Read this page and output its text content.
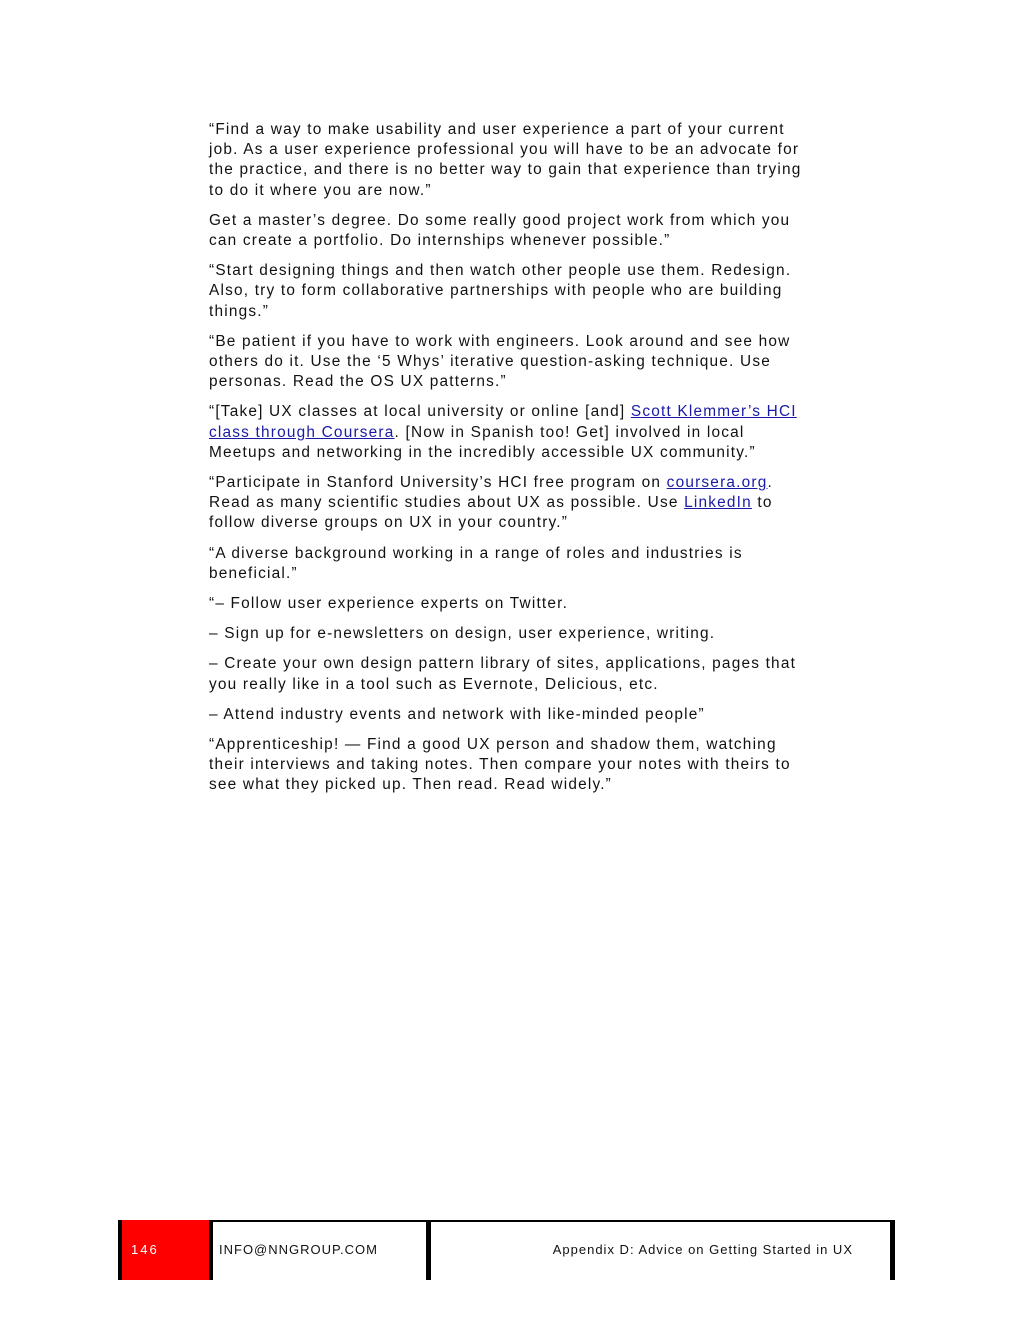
“Find a way to make usability and user experience a part of your current job. As a user experience professional you will have to be an advocate for the practice, and there is no better way to gain that experience than trying to do it where you are now.”

Get a master’s degree. Do some really good project work from which you can create a portfolio. Do internships whenever possible.”

“Start designing things and then watch other people use them. Redesign. Also, try to form collaborative partnerships with people who are building things.”

“Be patient if you have to work with engineers. Look around and see how others do it. Use the ‘5 Whys’ iterative question-asking technique. Use personas. Read the OS UX patterns.”

“[Take] UX classes at local university or online [and] Scott Klemmer’s HCI class through Coursera. [Now in Spanish too! Get] involved in local Meetups and networking in the incredibly accessible UX community.”

“Participate in Stanford University’s HCI free program on coursera.org. Read as many scientific studies about UX as possible. Use LinkedIn to follow diverse groups on UX in your country.”

“A diverse background working in a range of roles and industries is beneficial.”

“– Follow user experience experts on Twitter.

– Sign up for e-newsletters on design, user experience, writing.

– Create your own design pattern library of sites, applications, pages that you really like in a tool such as Evernote, Delicious, etc.

– Attend industry events and network with like-minded people”

“Apprenticeship! — Find a good UX person and shadow them, watching their interviews and taking notes. Then compare your notes with theirs to see what they picked up. Then read. Read widely.”

146	INFO@NNGROUP.COM	Appendix D: Advice on Getting Started in UX
